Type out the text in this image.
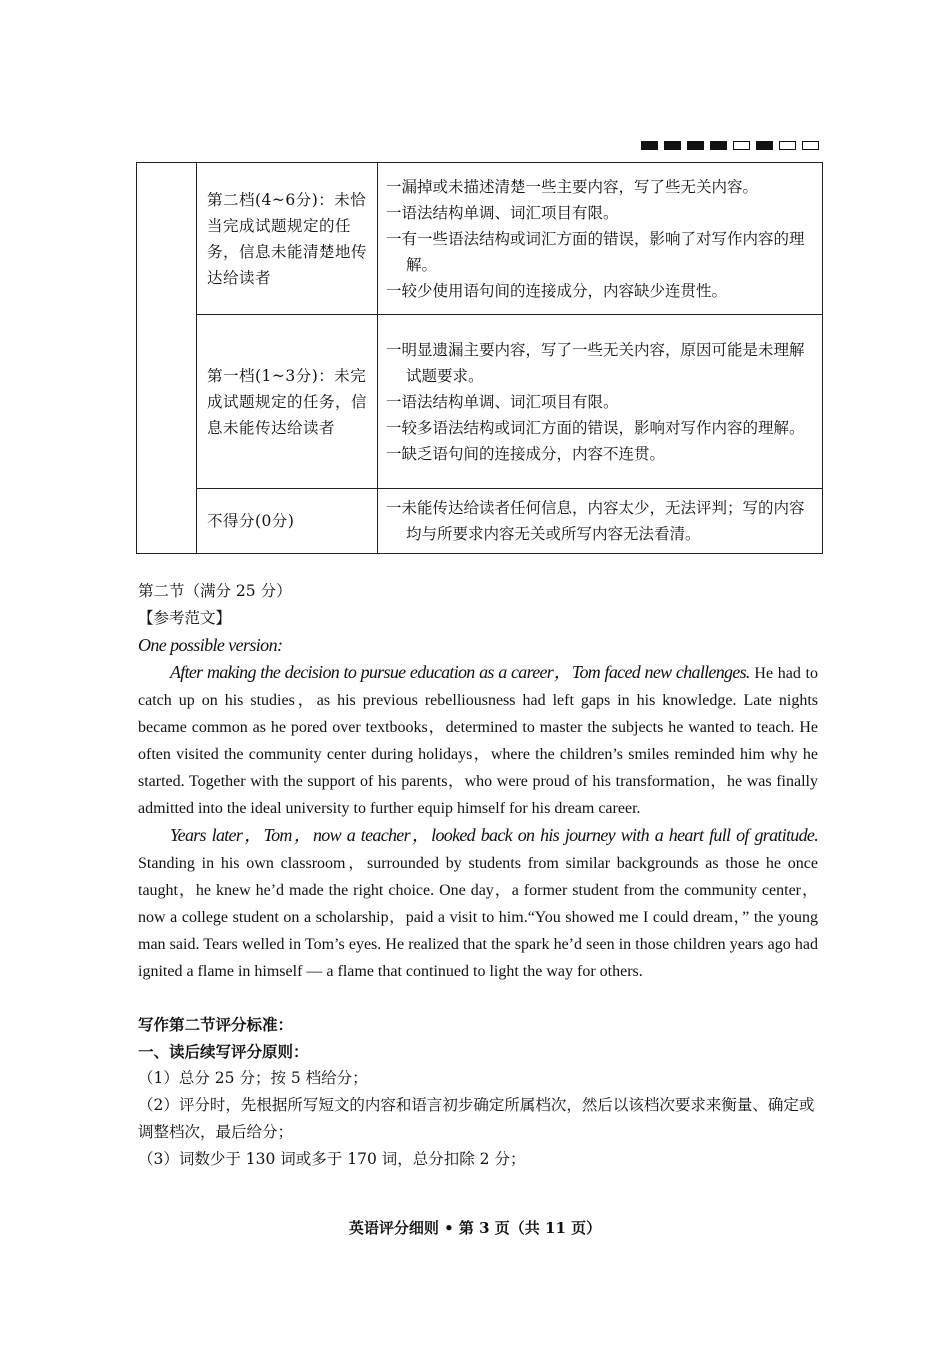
	第二档(4~6分)：未恰当完成试题规定的任务，信息未能清楚地传达给读者	一漏掉或未描述清楚一些主要内容，写了些无关内容。
一语法结构单调、词汇项目有限。
一有一些语法结构或词汇方面的错误，影响了对写作内容的理解。
一较少使用语句间的连接成分，内容缺少连贯性。

	第一档(1~3分)：未完成试题规定的任务，信息未能传达给读者	一明显遗漏主要内容，写了一些无关内容，原因可能是未理解试题要求。
一语法结构单调、词汇项目有限。
一较多语法结构或词汇方面的错误，影响对写作内容的理解。
一缺乏语句间的连接成分，内容不连贯。

	不得分(0分)	一未能传达给读者任何信息，内容太少，无法评判；写的内容均与所要求内容无关或所写内容无法看清。
第二节（满分 25 分）
【参考范文】
One possible version:

After making the decision to pursue education as a career，Tom faced new challenges. He had to catch up on his studies，as his previous rebelliousness had left gaps in his knowledge. Late nights became common as he pored over textbooks，determined to master the subjects he wanted to teach. He often visited the community center during holidays，where the children’s smiles reminded him why he started. Together with the support of his parents，who were proud of his transformation，he was finally admitted into the ideal university to further equip himself for his dream career.

Years later，Tom，now a teacher，looked back on his journey with a heart full of gratitude. Standing in his own classroom，surrounded by students from similar backgrounds as those he once taught，he knew he’d made the right choice. One day，a former student from the community center，now a college student on a scholarship，paid a visit to him.“You showed me I could dream，” the young man said. Tears welled in Tom’s eyes. He realized that the spark he’d seen in those children years ago had ignited a flame in himself — a flame that continued to light the way for others.

写作第二节评分标准：
一、读后续写评分原则：
（1）总分 25 分；按 5 档给分；
（2）评分时，先根据所写短文的内容和语言初步确定所属档次，然后以该档次要求来衡量、确定或调整档次，最后给分；
（3）词数少于 130 词或多于 170 词，总分扣除 2 分；
英语评分细则 • 第 3 页（共 11 页）
